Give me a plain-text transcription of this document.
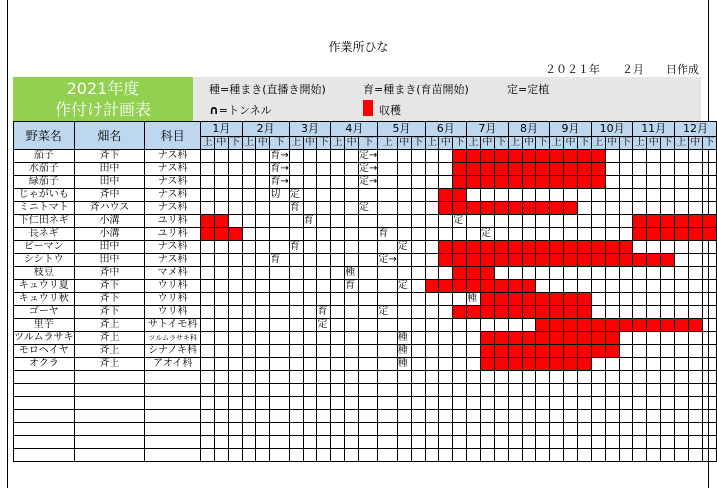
作業所ひな
２０２１年　　２月　　日作成
2021年度
作付け計画表
種=種まき(直播き開始)	育=種まき(育苗開始)	定=定植
∩=トンネル	収穫
野菜名	畑名	科目	1月			2月			3月			4月			5月			6月			7月			8月			9月			10月			11月			12月		
			上	中	下	上	中	下	上	中	下	上	中	下	上	中	下	上	中	下	上	中	下	上	中	下	上	中	下	上	中	下	上	中	下	上	中	下
茄子	斉下	ナス科						育→						定→																								
水茄子	田中	ナス科						育→						定→																								
緑茄子	田中	ナス科						育→						定→																								
じゃがいも	斉中	ナス科						切	定																													
ミニトマト	斉ハウス	ナス科							育					定																								
下仁田ネギ	小溝	ユリ科								育										定																		
長ネギ	小溝	ユリ科													育							定																
ピーマン	田中	ナス科							育							定																						
シシトウ	田中	ナス科						育							定→																							
枝豆	斉中	マメ科											種																									
キュウリ夏	斉下	ウリ科											育			定																						
キュウリ秋	斉下	ウリ科																			種																	
ゴーヤ	斉下	ウリ科									育				定																							
里芋	斉上	サトイモ科									定																											
ツルムラサキ	斉上	ツルムラサキ科														種																						
モロヘイヤ	斉上	シナノキ科														種																						
オクラ	斉上	アオイ科														種																						
